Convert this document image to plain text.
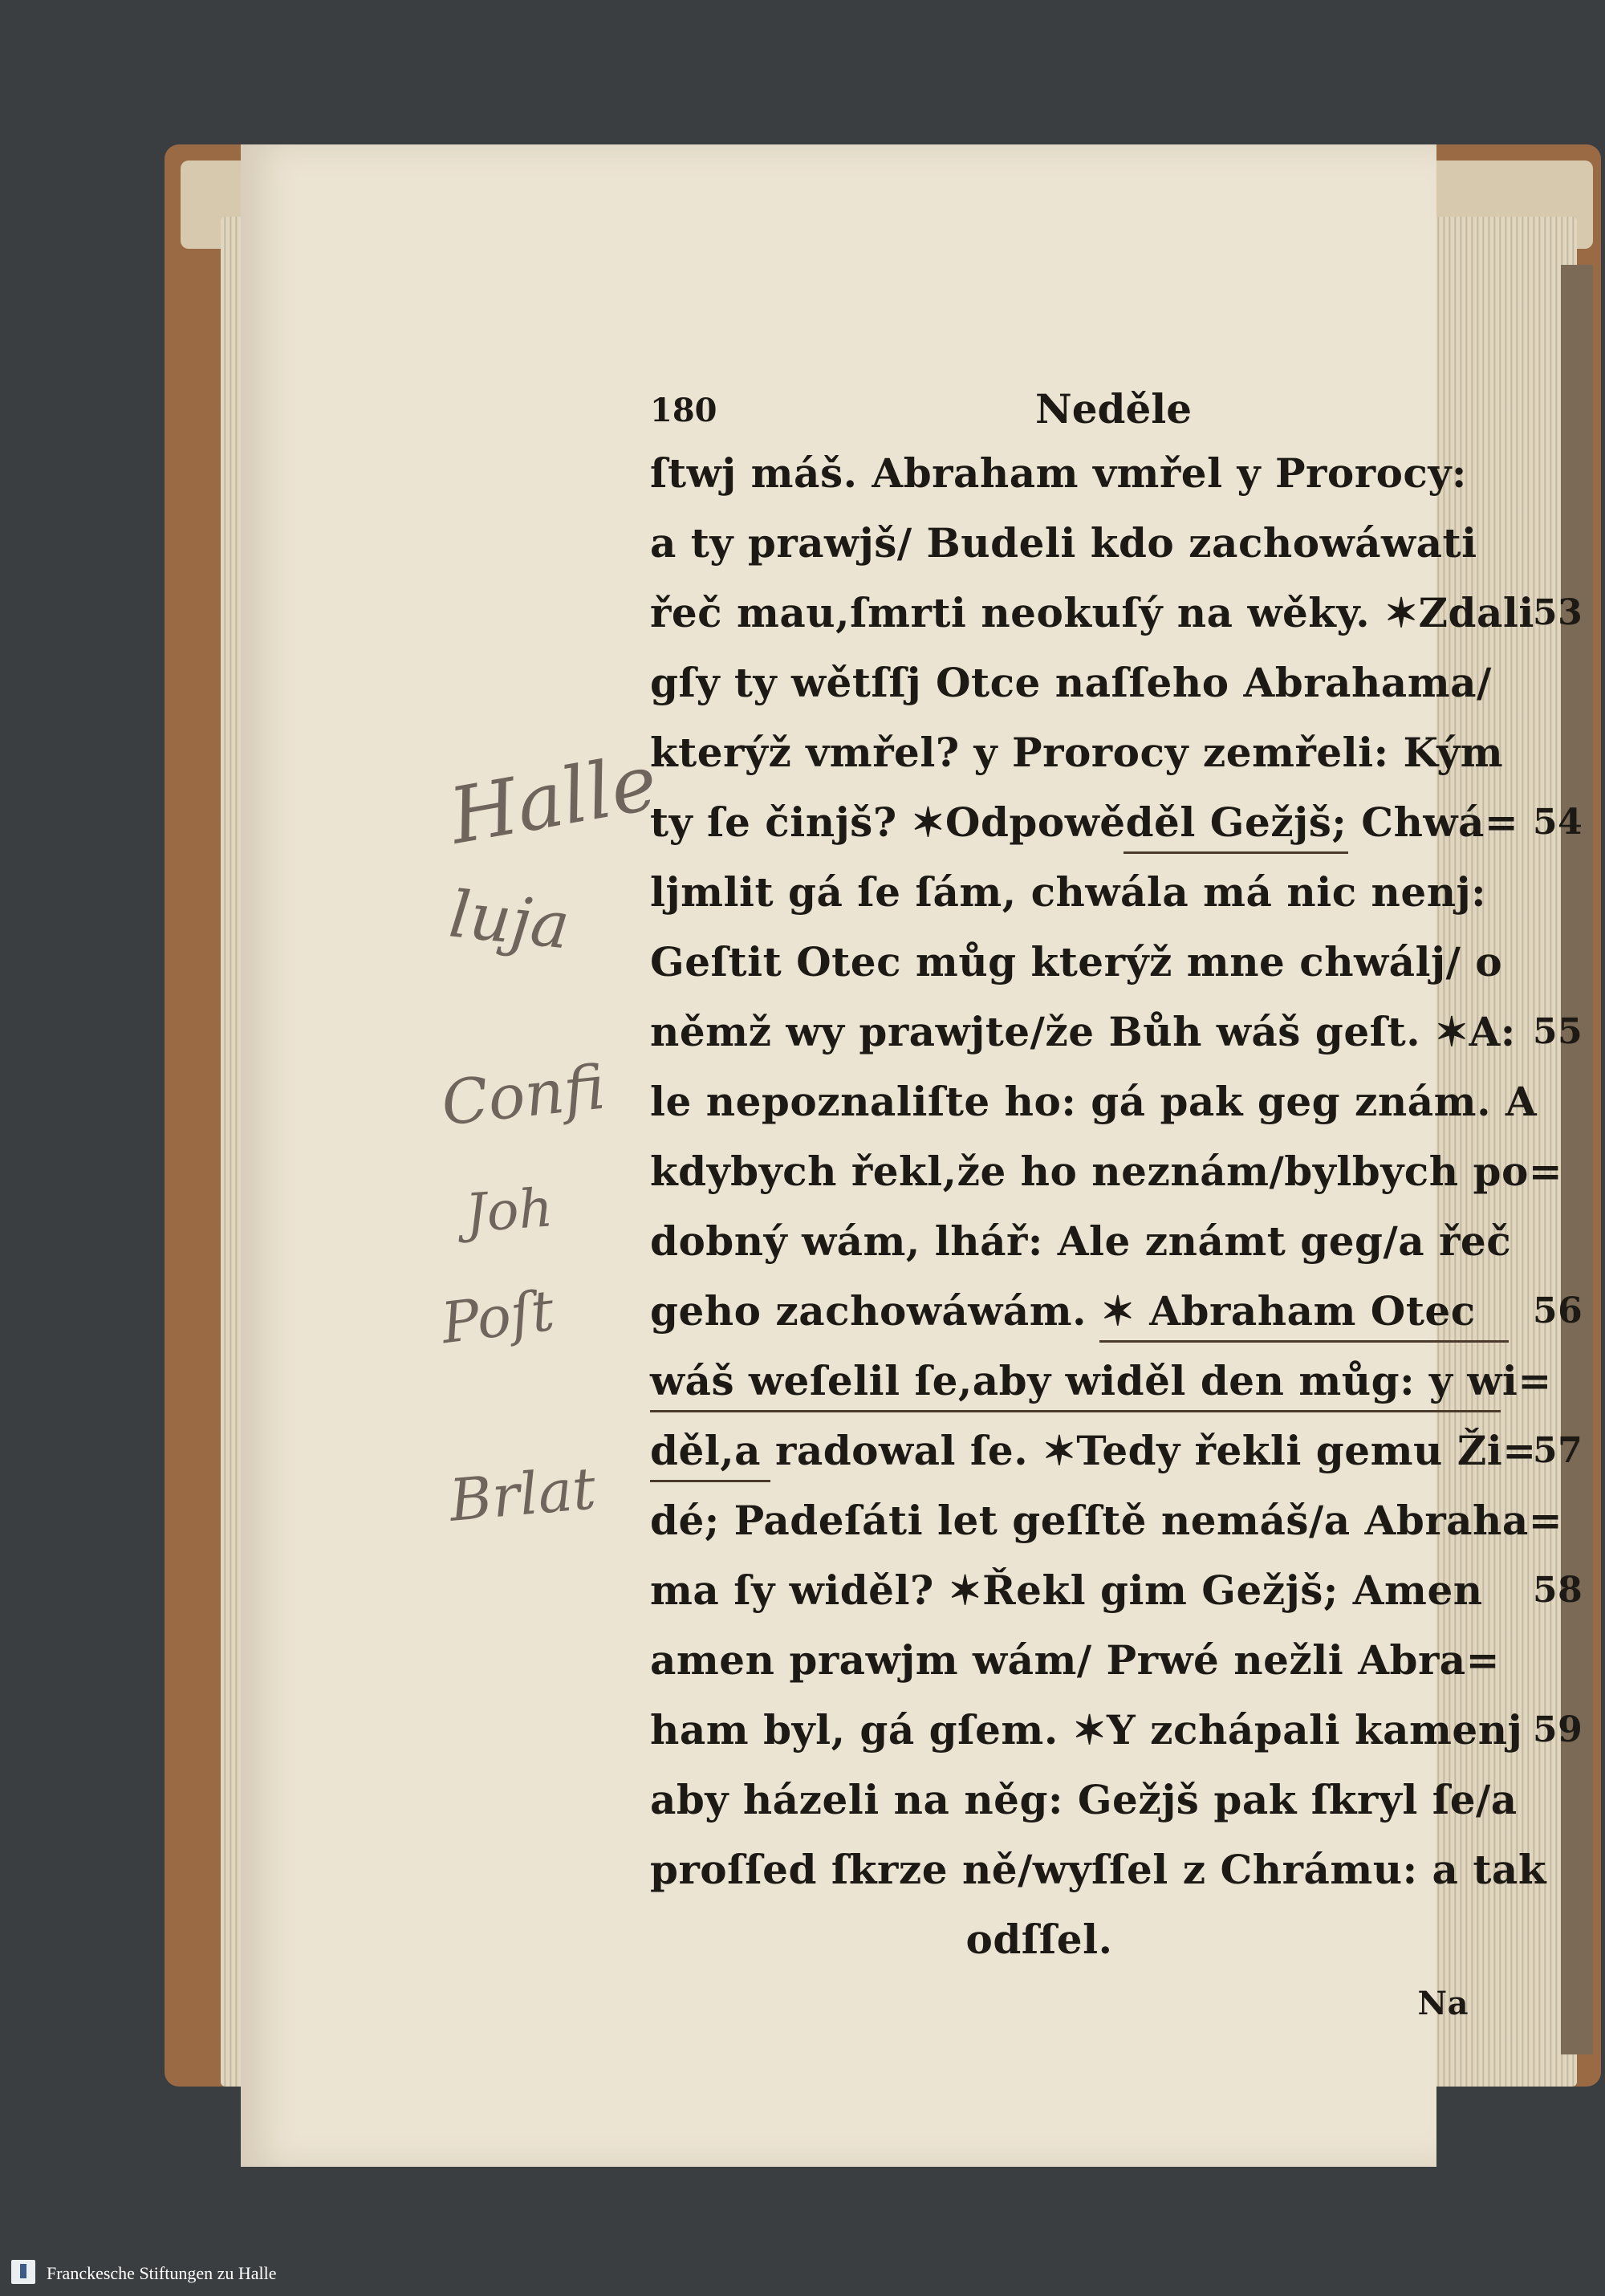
Halle
luja
Confi
Joh
Poſt
Brlat
180	Neděle
ſtwj máš. Abraham vmřel y Prorocy:
a ty prawjš/ Budeli kdo zachowáwati
řeč mau,ſmrti neokuſý na wěky. ✶Zdali
53
gſy ty wětſſj Otce naſſeho Abrahama/
kterýž vmřel? y Prorocy zemřeli: Kým
ty ſe činjš? ✶Odpowěděl Gežjš; Chwá= 54
ljmlit gá ſe ſám, chwála má nic nenj:
Geſtit Otec můg kterýž mne chwálj/ o
němž wy prawjte/že Bůh wáš geſt. ✶A: 55
le nepoznaliſte ho: gá pak geg znám. A
kdybych řekl,že ho neznám/bylbych po=
dobný wám, lhář: Ale známt geg/a řeč
geho zachowáwám. ✶ Abraham Otec 56
wáš weſelil ſe,aby widěl den můg: y wi=
děl,a radowal ſe. ✶Tedy řekli gemu Ži=
57
dé; Padeſáti let geſſtě nemáš/a Abraha=
ma ſy widěl? ✶Řekl gim Gežjš; Amen 58
amen prawjm wám/ Prwé nežli Abra=
ham byl, gá gſem. ✶Y zchápali kamenj 59
aby házeli na něg: Gežjš pak ſkryl ſe/a
proſſed ſkrze ně/wyſſel z Chrámu: a tak
odſſel.
Na
Franckesche Stiftungen zu Halle
